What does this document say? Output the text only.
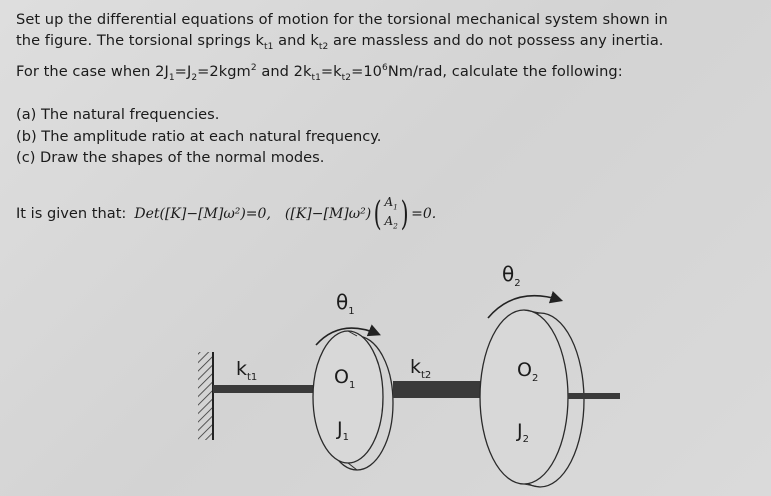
Set up the differential equations of motion for the torsional mechanical system shown in
the figure. The torsional springs $k_{t1}$ and $k_{t2}$ are massless and do not possess any inertia.
For the case when $2J_1=J_2=2kgm^2$ and $2k_{t1}=k_{t2}=10^6Nm$/rad, calculate the following:
(a) The natural frequencies.
(b) The amplitude ratio at each natural frequency.
(c) Draw the shapes of the normal modes.
It is given that: Det([K]−[M]ω²)=0, ([K]−[M]ω²) ( $A_1$
$A_2$ ) =0.
$k_{t1}$	$k_{t2}$
$\theta_1$
$\theta_2$
$O_1$
$O_2$
$J_1$	$J_2$
